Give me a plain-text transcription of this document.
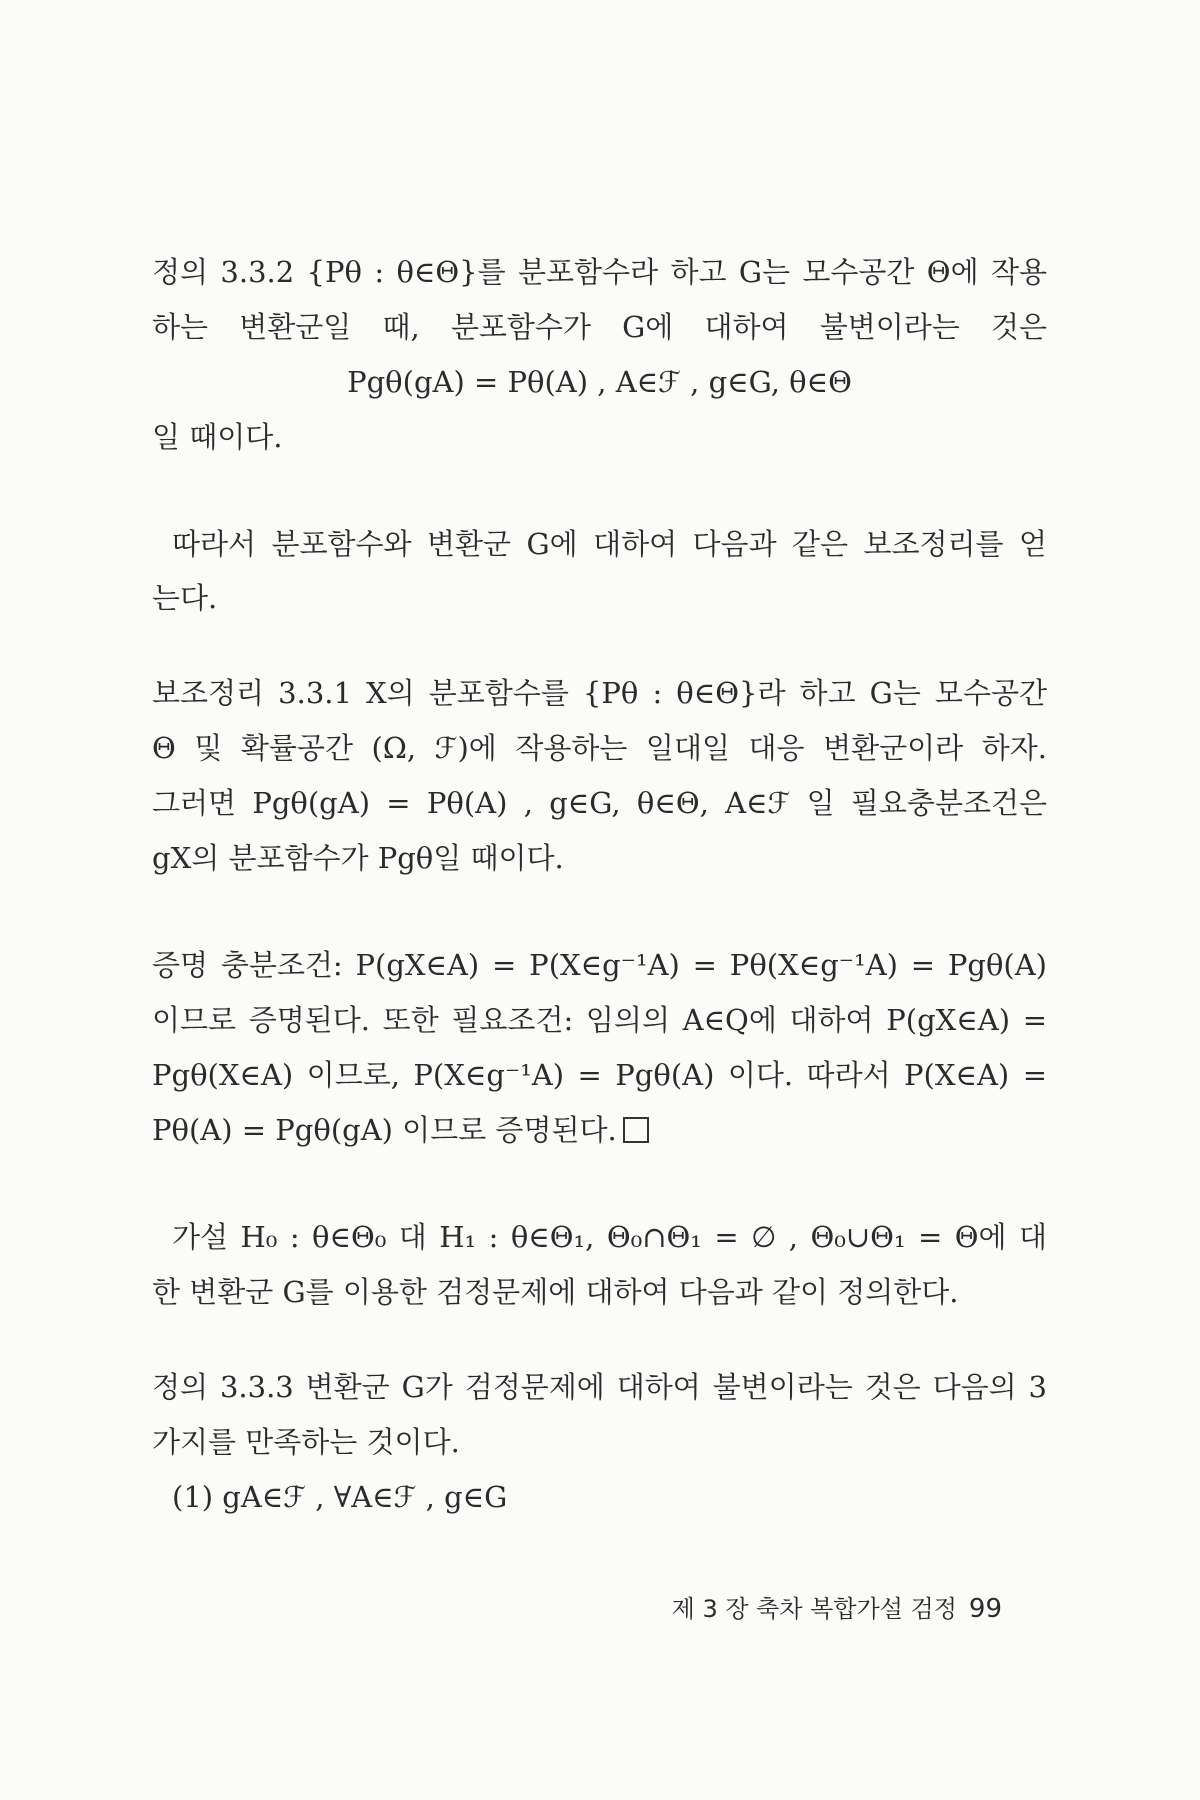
정의 3.3.2 {Pθ : θ∈Θ}를 분포함수라 하고 G는 모수공간 Θ에 작용

하는 변환군일 때, 분포함수가 G에 대하여 불변이라는 것은

Pgθ(gA) = Pθ(A) , A∈ℱ , g∈G, θ∈Θ

일 때이다.

따라서 분포함수와 변환군 G에 대하여 다음과 같은 보조정리를 얻

는다.

보조정리 3.3.1 X의 분포함수를 {Pθ : θ∈Θ}라 하고 G는 모수공간

Θ 및 확률공간 (Ω, ℱ)에 작용하는 일대일 대응 변환군이라 하자.

그러면 Pgθ(gA) = Pθ(A) , g∈G, θ∈Θ, A∈ℱ 일 필요충분조건은

gX의 분포함수가 Pgθ일 때이다.

증명 충분조건: P(gX∈A) = P(X∈g⁻¹A) = Pθ(X∈g⁻¹A) = Pgθ(A)

이므로 증명된다. 또한 필요조건: 임의의 A∈Q에 대하여 P(gX∈A) =

Pgθ(X∈A) 이므로, P(X∈g⁻¹A) = Pgθ(A) 이다. 따라서 P(X∈A) =

Pθ(A) = Pgθ(gA) 이므로 증명된다.

가설 H₀ : θ∈Θ₀ 대 H₁ : θ∈Θ₁, Θ₀∩Θ₁ = ∅ , Θ₀∪Θ₁ = Θ에 대

한 변환군 G를 이용한 검정문제에 대하여 다음과 같이 정의한다.

정의 3.3.3 변환군 G가 검정문제에 대하여 불변이라는 것은 다음의 3

가지를 만족하는 것이다.

(1) gA∈ℱ , ∀A∈ℱ , g∈G

제 3 장 축차 복합가설 검정 99
